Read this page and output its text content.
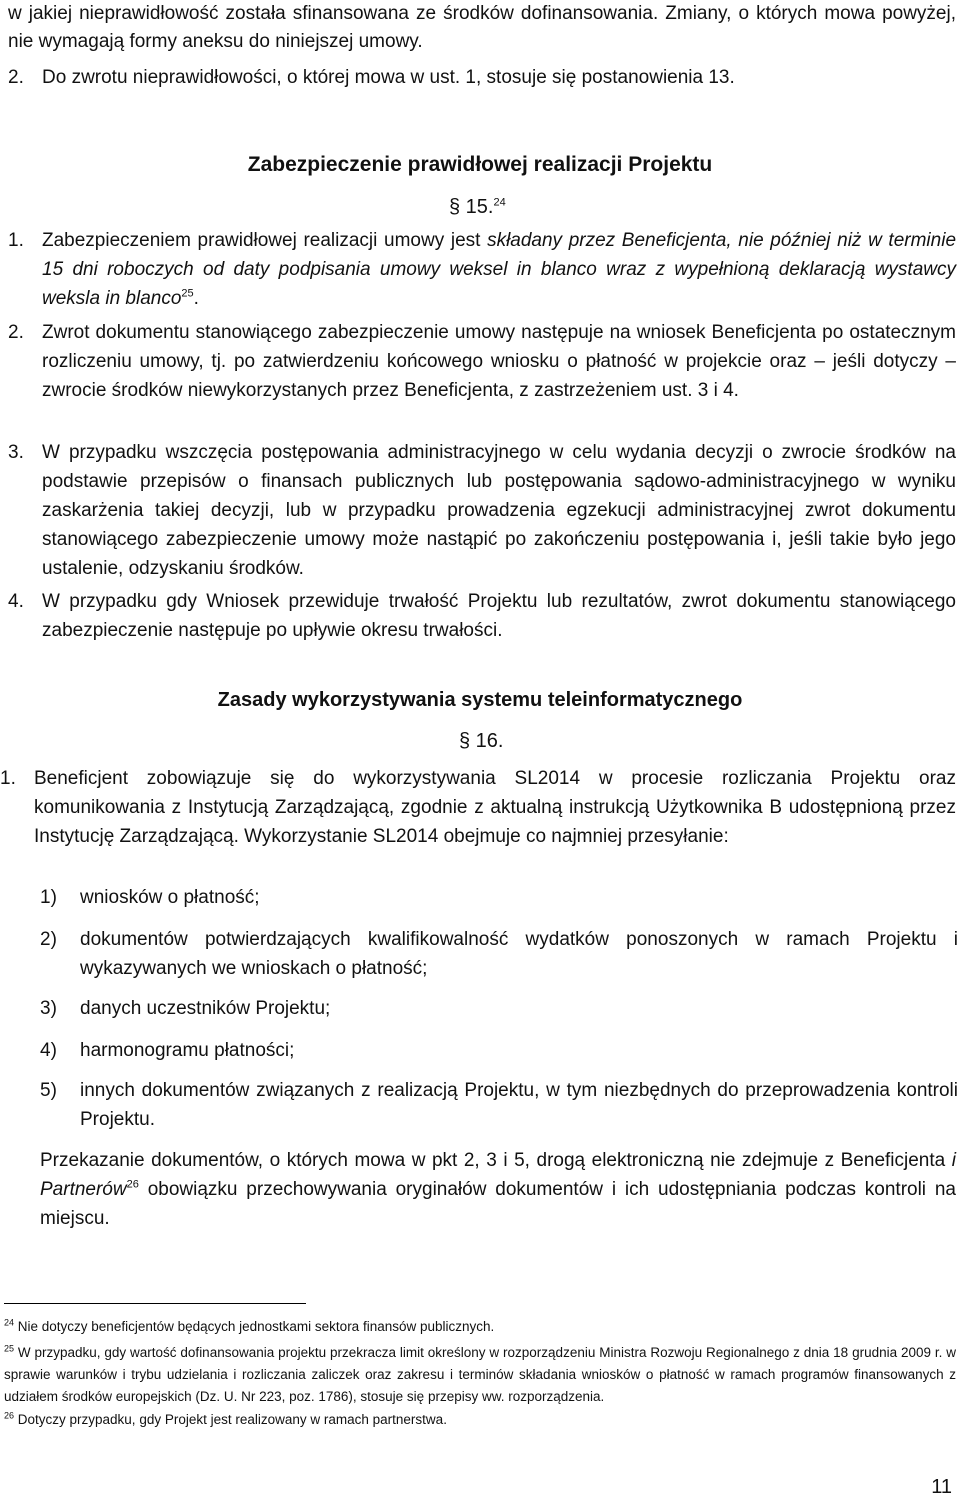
w jakiej nieprawidłowość została sfinansowana ze środków dofinansowania. Zmiany, o których mowa powyżej, nie wymagają formy aneksu do niniejszej umowy.
2. Do zwrotu nieprawidłowości, o której mowa w ust. 1, stosuje się postanowienia 13.
Zabezpieczenie prawidłowej realizacji Projektu
§ 15.24
1. Zabezpieczeniem prawidłowej realizacji umowy jest składany przez Beneficjenta, nie później niż w terminie 15 dni roboczych od daty podpisania umowy weksel in blanco wraz z wypełnioną deklaracją wystawcy weksla in blanco$^{25}$.
2. Zwrot dokumentu stanowiącego zabezpieczenie umowy następuje na wniosek Beneficjenta po ostatecznym rozliczeniu umowy, tj. po zatwierdzeniu końcowego wniosku o płatność w projekcie oraz – jeśli dotyczy – zwrocie środków niewykorzystanych przez Beneficjenta, z zastrzeżeniem ust. 3 i 4.
3. W przypadku wszczęcia postępowania administracyjnego w celu wydania decyzji o zwrocie środków na podstawie przepisów o finansach publicznych lub postępowania sądowo-administracyjnego w wyniku zaskarżenia takiej decyzji, lub w przypadku prowadzenia egzekucji administracyjnej zwrot dokumentu stanowiącego zabezpieczenie umowy może nastąpić po zakończeniu postępowania i, jeśli takie było jego ustalenie, odzyskaniu środków.
4. W przypadku gdy Wniosek przewiduje trwałość Projektu lub rezultatów, zwrot dokumentu stanowiącego zabezpieczenie następuje po upływie okresu trwałości.
Zasady wykorzystywania systemu teleinformatycznego
§ 16.
1. Beneficjent zobowiązuje się do wykorzystywania SL2014 w procesie rozliczania Projektu oraz komunikowania z Instytucją Zarządzającą, zgodnie z aktualną instrukcją Użytkownika B udostępnioną przez Instytucję Zarządzającą. Wykorzystanie SL2014 obejmuje co najmniej przesyłanie:
1) wniosków o płatność;
2) dokumentów potwierdzających kwalifikowalność wydatków ponoszonych w ramach Projektu i wykazywanych we wnioskach o płatność;
3) danych uczestników Projektu;
4) harmonogramu płatności;
5) innych dokumentów związanych z realizacją Projektu, w tym niezbędnych do przeprowadzenia kontroli Projektu.
Przekazanie dokumentów, o których mowa w pkt 2, 3 i 5, drogą elektroniczną nie zdejmuje z Beneficjenta i Partnerów$^{26}$ obowiązku przechowywania oryginałów dokumentów i ich udostępniania podczas kontroli na miejscu.
$^{24}$ Nie dotyczy beneficjentów będących jednostkami sektora finansów publicznych.
$^{25}$ W przypadku, gdy wartość dofinansowania projektu przekracza limit określony w rozporządzeniu Ministra Rozwoju Regionalnego z dnia 18 grudnia 2009 r. w sprawie warunków i trybu udzielania i rozliczania zaliczek oraz zakresu i terminów składania wniosków o płatność w ramach programów finansowanych z udziałem środków europejskich (Dz. U. Nr 223, poz. 1786), stosuje się przepisy ww. rozporządzenia.
$^{26}$ Dotyczy przypadku, gdy Projekt jest realizowany w ramach partnerstwa.
11
